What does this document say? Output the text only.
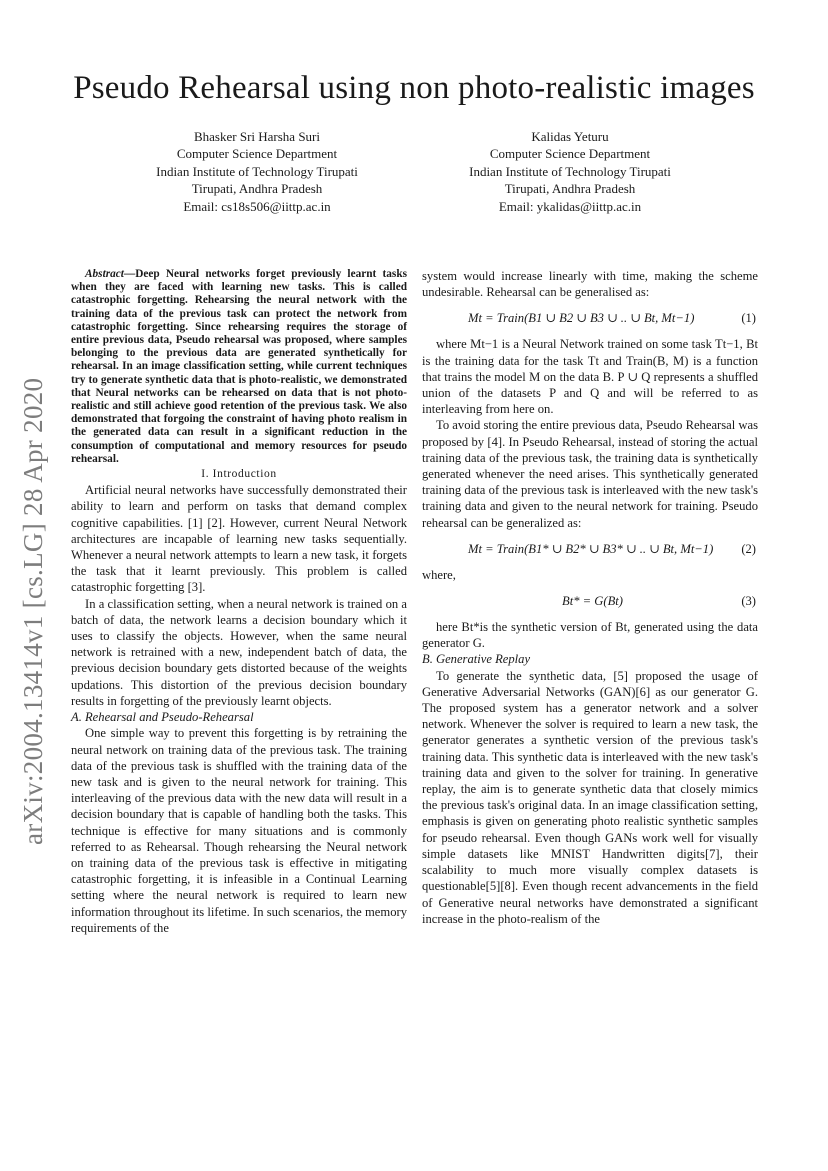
arXiv:2004.13414v1 [cs.LG] 28 Apr 2020
Pseudo Rehearsal using non photo-realistic images
Bhasker Sri Harsha Suri
Computer Science Department
Indian Institute of Technology Tirupati
Tirupati, Andhra Pradesh
Email: cs18s506@iittp.ac.in
Kalidas Yeturu
Computer Science Department
Indian Institute of Technology Tirupati
Tirupati, Andhra Pradesh
Email: ykalidas@iittp.ac.in

Abstract—Deep Neural networks forget previously learnt tasks when they are faced with learning new tasks. This is called catastrophic forgetting. Rehearsing the neural network with the training data of the previous task can protect the network from catastrophic forgetting. Since rehearsing requires the storage of entire previous data, Pseudo rehearsal was proposed, where samples belonging to the previous data are generated synthetically for rehearsal. In an image classification setting, while current techniques try to generate synthetic data that is photo-realistic, we demonstrated that Neural networks can be rehearsed on data that is not photo-realistic and still achieve good retention of the previous task. We also demonstrated that forgoing the constraint of having photo realism in the generated data can result in a significant reduction in the consumption of computational and memory resources for pseudo rehearsal.

I. Introduction

Artificial neural networks have successfully demonstrated their ability to learn and perform on tasks that demand complex cognitive capabilities. [1] [2]. However, current Neural Network architectures are incapable of learning new tasks sequentially. Whenever a neural network attempts to learn a new task, it forgets the task that it learnt previously. This problem is called catastrophic forgetting [3].

In a classification setting, when a neural network is trained on a batch of data, the network learns a decision boundary which it uses to classify the objects. However, when the same neural network is retrained with a new, independent batch of data, the previous decision boundary gets distorted because of the weights updations. This distortion of the previous decision boundary results in forgetting of the previously learnt objects.

A. Rehearsal and Pseudo-Rehearsal

One simple way to prevent this forgetting is by retraining the neural network on training data of the previous task. The training data of the previous task is shuffled with the training data of the new task and is given to the neural network for training. This interleaving of the previous data with the new data will result in a decision boundary that is capable of handling both the tasks. This technique is effective for many situations and is commonly referred to as Rehearsal. Though rehearsing the Neural network on training data of the previous task is effective in mitigating catastrophic forgetting, it is infeasible in a Continual Learning setting where the neural network is required to learn new information throughout its lifetime. In such scenarios, the memory requirements of the

system would increase linearly with time, making the scheme undesirable. Rehearsal can be generalised as:

Mt = Train(B1 ∪ B2 ∪ B3 ∪ .. ∪ Bt, Mt−1)	(1)

where Mt−1 is a Neural Network trained on some task Tt−1, Bt is the training data for the task Tt and Train(B, M) is a function that trains the model M on the data B. P ∪ Q represents a shuffled union of the datasets P and Q and will be referred to as interleaving from here on.

To avoid storing the entire previous data, Pseudo Rehearsal was proposed by [4]. In Pseudo Rehearsal, instead of storing the actual training data of the previous task, the training data is synthetically generated whenever the need arises. This synthetically generated training data of the previous task is interleaved with the new task's training data and given to the neural network for training. Pseudo rehearsal can be generalized as:

Mt = Train(B1* ∪ B2* ∪ B3* ∪ .. ∪ Bt, Mt−1) (2)

where,

Bt* = G(Bt)	(3)

here Bt*is the synthetic version of Bt, generated using the data generator G.

B. Generative Replay

To generate the synthetic data, [5] proposed the usage of Generative Adversarial Networks (GAN)[6] as our generator G. The proposed system has a generator network and a solver network. Whenever the solver is required to learn a new task, the generator generates a synthetic version of the previous task's training data. This synthetic data is interleaved with the new task's training data and given to the solver for training. In generative replay, the aim is to generate synthetic data that closely mimics the previous task's original data. In an image classification setting, emphasis is given on generating photo realistic synthetic samples for pseudo rehearsal. Even though GANs work well for visually simple datasets like MNIST Handwritten digits[7], their scalability to much more visually complex datasets is questionable[5][8]. Even though recent advancements in the field of Generative neural networks have demonstrated a significant increase in the photo-realism of the
